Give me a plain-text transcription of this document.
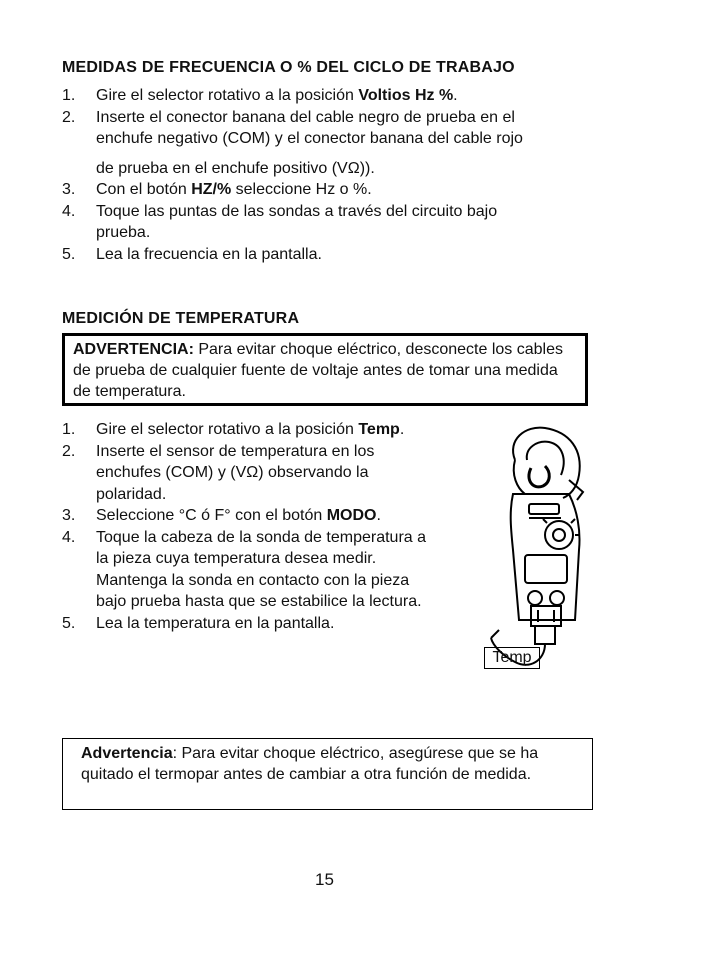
MEDIDAS DE FRECUENCIA O % DEL CICLO DE TRABAJO
1.	Gire el selector rotativo a la posición Voltios Hz %.
2.	Inserte el conector banana del cable negro de prueba en el
enchufe negativo (COM) y el conector banana del cable rojo
de prueba en el enchufe positivo (VΩ)).
3.	Con el botón HZ/% seleccione Hz o %.
4.	Toque las puntas de las sondas a través del circuito bajo
prueba.
5.	Lea la frecuencia en la pantalla.
MEDICIÓN DE TEMPERATURA
ADVERTENCIA: Para evitar choque eléctrico, desconecte los cables de prueba de cualquier fuente de voltaje antes de tomar una medida de temperatura.
1.	Gire el selector rotativo a la posición Temp.
2.	Inserte el sensor de temperatura en los
enchufes (COM) y (VΩ) observando la
polaridad.
3.	Seleccione °C ó F° con el botón MODO.
4.	Toque la cabeza de la sonda de temperatura a
la pieza cuya temperatura desea medir.
Mantenga la sonda en contacto con la pieza
bajo prueba hasta que se estabilice la lectura.
5.	Lea la temperatura en la pantalla.
Temp
Advertencia: Para evitar choque eléctrico, asegúrese que se ha quitado el termopar antes de cambiar a otra función de medida.
15
